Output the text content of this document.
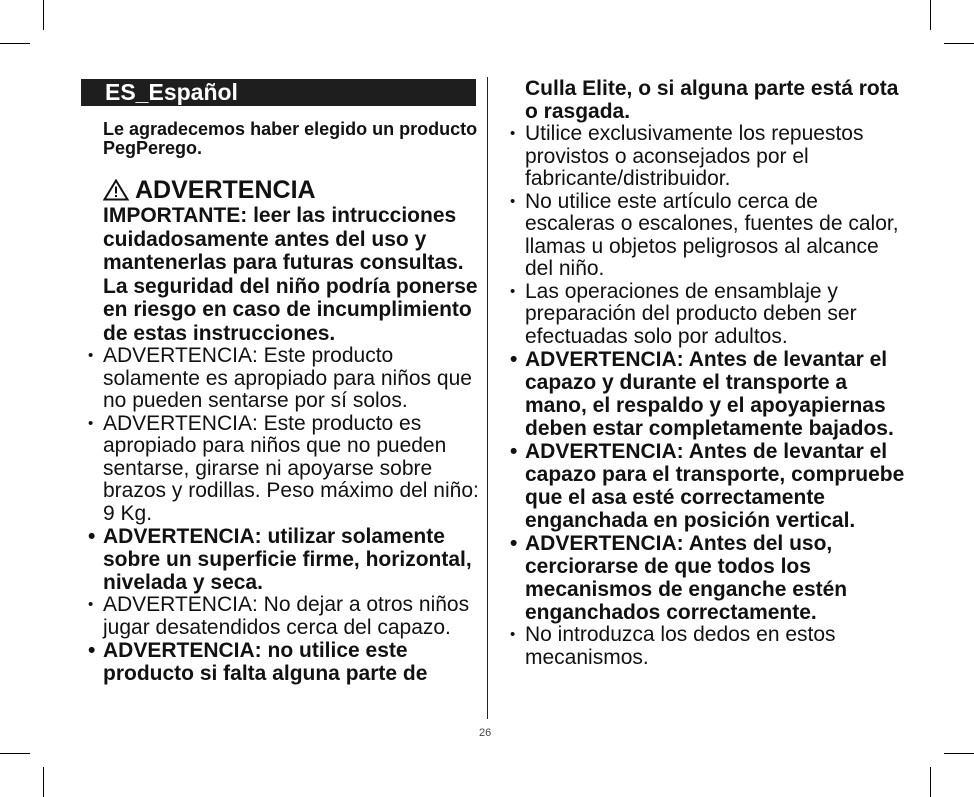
ES_Español
Le agradecemos haber elegido un producto PegPerego.
ADVERTENCIA
IMPORTANTE: leer las intrucciones cuidadosamente antes del uso y mantenerlas para futuras consultas. La seguridad del niño podría ponerse en riesgo en caso de incumplimiento de estas instrucciones.
• ADVERTENCIA: Este producto solamente es apropiado para niños que no pueden sentarse por sí solos.
• ADVERTENCIA: Este producto es apropiado para niños que no pueden sentarse, girarse ni apoyarse sobre brazos y rodillas. Peso máximo del niño: 9 Kg.
• ADVERTENCIA: utilizar solamente sobre un superficie firme, horizontal, nivelada y seca.
• ADVERTENCIA: No dejar a otros niños jugar desatendidos cerca del capazo.
• ADVERTENCIA: no utilice este producto si falta alguna parte de
Culla Elite, o si alguna parte está rota o rasgada.
• Utilice exclusivamente los repuestos provistos o aconsejados por el fabricante/distribuidor.
• No utilice este artículo cerca de escaleras o escalones, fuentes de calor, llamas u objetos peligrosos al alcance del niño.
• Las operaciones de ensamblaje y preparación del producto deben ser efectuadas solo por adultos.
• ADVERTENCIA: Antes de levantar el capazo y durante el transporte a mano, el respaldo y el apoyapiernas deben estar completamente bajados.
• ADVERTENCIA: Antes de levantar el capazo para el transporte, compruebe que el asa esté correctamente enganchada en posición vertical.
• ADVERTENCIA: Antes del uso, cerciorarse de que todos los mecanismos de enganche estén enganchados correctamente.
• No introduzca los dedos en estos mecanismos.
26
